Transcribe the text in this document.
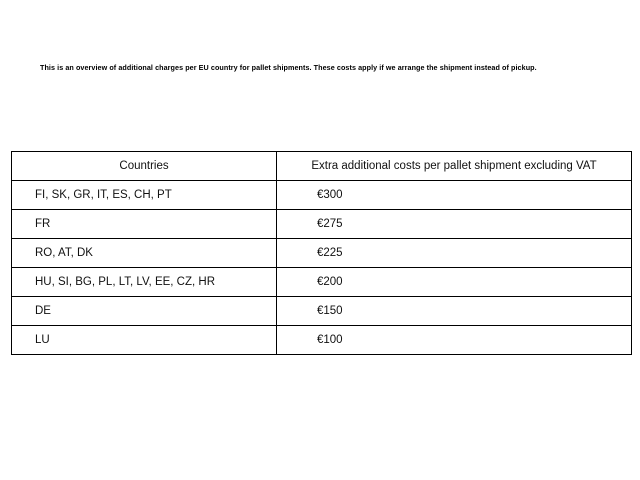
This is an overview of additional charges per EU country for pallet shipments. These costs apply if we arrange the shipment instead of pickup.
Countries	Extra additional costs per pallet shipment excluding VAT

FI, SK, GR, IT, ES, CH, PT	€300

FR	€275

RO, AT, DK	€225

HU, SI, BG, PL, LT, LV, EE, CZ, HR	€200

DE	€150

LU	€100
